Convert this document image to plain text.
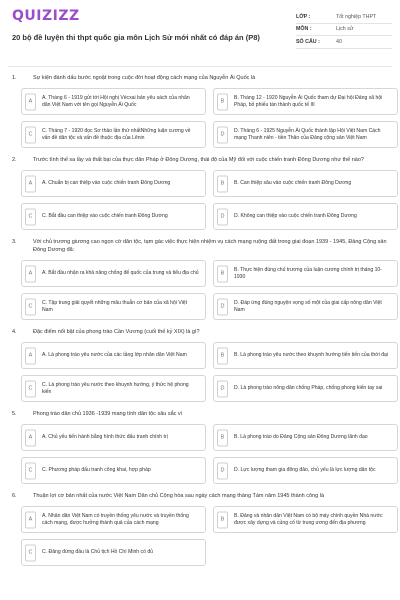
QUIZIZZ
20 bộ đề luyện thi thpt quốc gia môn Lịch Sử mới nhất có đáp án (P8)
LỚP :	Tốt nghiệp THPT
MÔN :	Lịch sử
SỐ CÂU :	40
1.	Sự kiện đánh dấu bước ngoặt trong cuộc đời hoạt động cách mạng của Nguyễn Ái Quốc là
A
A. Tháng 6 - 1919 gửi tới Hội nghị Vécxai bản yêu sách của nhân dân Việt Nam với tên gọi Nguyễn Ái Quốc
B
B. Tháng 12 - 1920 Nguyễn Ái Quốc tham dự Đại hội Đảng xã hội Pháp, bỏ phiếu tán thành quốc tế III
C
C. Tháng 7 - 1920 đọc Sơ thảo lần thứ nhấtNhững luận cương về vấn đề dân tộc và vấn đề thuộc địa của Lênin
D
D. Tháng 6 - 1925 Nguyễn Ái Quốc thành lập Hội Việt Nam Cách mạng Thanh niên - tiền Thân của Đảng cộng sản Việt Nam
2.	Trước tình thế sa lầy và thất bại của thực dân Pháp ở Đông Dương, thái độ của Mỹ đối với cuộc chiến tranh Đông Dương như thế nào?
A	A. Chuẩn bị can thiệp vào cuộc chiến tranh Đông Dương	B	B. Can thiệp sâu vào cuộc chiến tranh Đông Dương
C	C. Bắt đầu can thiệp vào cuộc chiến tranh Đông Dương	D	D. Không can thiệp vào cuộc chiến tranh Đông Dương
3.	Với chủ trương giương cao ngọn cờ dân tộc, tạm gác việc thực hiện nhiệm vụ cách mạng ruộng đất trong giai đoạn 1939 - 1945, Đảng Cộng sản Đông Dương đã:
A	A. Bắt đầu nhận ra khả năng chống đế quốc của trung và tiểu địa chủ	B
B. Thực hiện đúng chủ trương của luận cương chính trị tháng 10-1930
C
C. Tập trung giải quyết những mâu thuẫn cơ bản của xã hội Việt Nam
D
D. Đáp ứng đúng nguyện vọng số một của giai cấp nông dân Việt Nam
4.	Đặc điểm nổi bật của phong trào Cần Vương (cuối thế kỷ XIX) là gì?
A	A. Là phong trào yêu nước của các tầng lớp nhân dân Việt Nam	B	B. Là phong trào yêu nước theo khuynh hướng tiến tiến của thời đại
C
C. Là phong trào yêu nước theo khuynh hướng, ý thức hệ phong kiến
D	D. Là phong trào nông dân chống Pháp, chống phong kiến tay sai
5.	Phong trào dân chủ 1936 -1939 mang tính dân tộc sâu sắc vì
A	A. Chủ yếu tiến hành bằng hình thức đấu tranh chính trị	B	B. Là phong trào do Đảng Cộng sản Đông Dương lãnh đạo
C	C. Phương pháp đấu tranh công khai, hợp pháp	D	D. Lực lượng tham gia đông đảo, chủ yếu là lực lượng dân tộc
6.	Thuận lợi cơ bản nhất của nước Việt Nam Dân chủ Cộng hòa sau ngày cách mạng tháng Tám năm 1945 thành công là
A
A. Nhân dân Việt Nam có truyền thống yêu nước và truyền thống cách mạng, được hưởng thành quả của cách mạng
B
B. Đảng và nhân dân Việt Nam có bộ máy chính quyền Nhà nước được xây dựng và củng cố từ trung ương đến địa phương
C	C. Đảng đứng đầu là Chủ tịch Hồ Chí Minh có đủ
